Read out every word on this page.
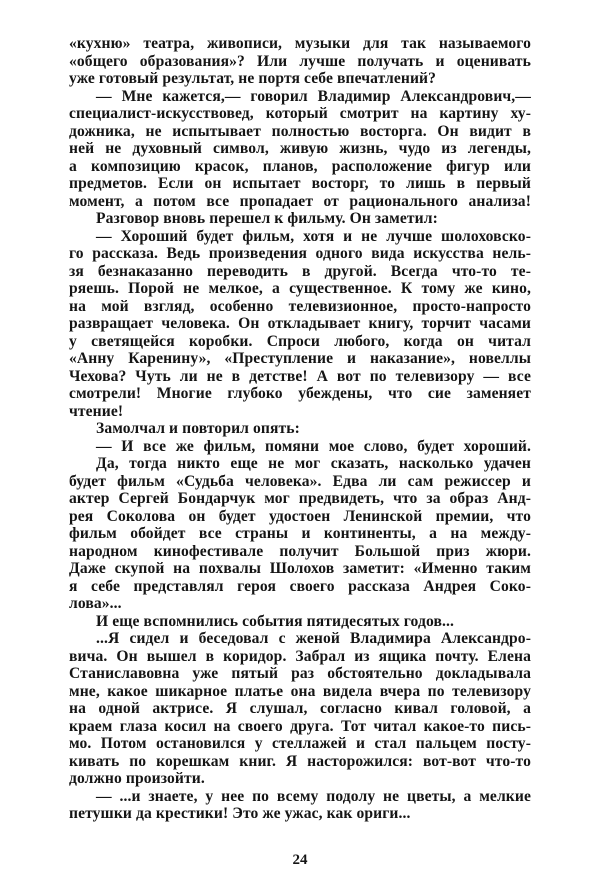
«кухню» театра, живописи, музыки для так называемого
«общего образования»? Или лучше получать и оценивать
уже готовый результат, не портя себе впечатлений?
— Мне кажется,— говорил Владимир Александрович,—
специалист-искусствовед, который смотрит на картину ху-
дожника, не испытывает полностью восторга. Он видит в
ней не духовный символ, живую жизнь, чудо из легенды,
а композицию красок, планов, расположение фигур или
предметов. Если он испытает восторг, то лишь в первый
момент, а потом все пропадает от рационального анализа!
Разговор вновь перешел к фильму. Он заметил:
— Хороший будет фильм, хотя и не лучше шолоховско-
го рассказа. Ведь произведения одного вида искусства нель-
зя безнаказанно переводить в другой. Всегда что-то те-
ряешь. Порой не мелкое, а существенное. К тому же кино,
на мой взгляд, особенно телевизионное, просто-напросто
развращает человека. Он откладывает книгу, торчит часами
у светящейся коробки. Спроси любого, когда он читал
«Анну Каренину», «Преступление и наказание», новеллы
Чехова? Чуть ли не в детстве! А вот по телевизору — все
смотрели! Многие глубоко убеждены, что сие заменяет
чтение!
Замолчал и повторил опять:
— И все же фильм, помяни мое слово, будет хороший.
Да, тогда никто еще не мог сказать, насколько удачен
будет фильм «Судьба человека». Едва ли сам режиссер и
актер Сергей Бондарчук мог предвидеть, что за образ Анд-
рея Соколова он будет удостоен Ленинской премии, что
фильм обойдет все страны и континенты, а на между-
народном кинофестивале получит Большой приз жюри.
Даже скупой на похвалы Шолохов заметит: «Именно таким
я себе представлял героя своего рассказа Андрея Соко-
лова»...
И еще вспомнились события пятидесятых годов...
...Я сидел и беседовал с женой Владимира Александро-
вича. Он вышел в коридор. Забрал из ящика почту. Елена
Станиславовна уже пятый раз обстоятельно докладывала
мне, какое шикарное платье она видела вчера по телевизору
на одной актрисе. Я слушал, согласно кивал головой, а
краем глаза косил на своего друга. Тот читал какое-то пись-
мо. Потом остановился у стеллажей и стал пальцем посту-
кивать по корешкам книг. Я насторожился: вот-вот что-то
должно произойти.
— ...и знаете, у нее по всему подолу не цветы, а мелкие
петушки да крестики! Это же ужас, как ориги...
24
